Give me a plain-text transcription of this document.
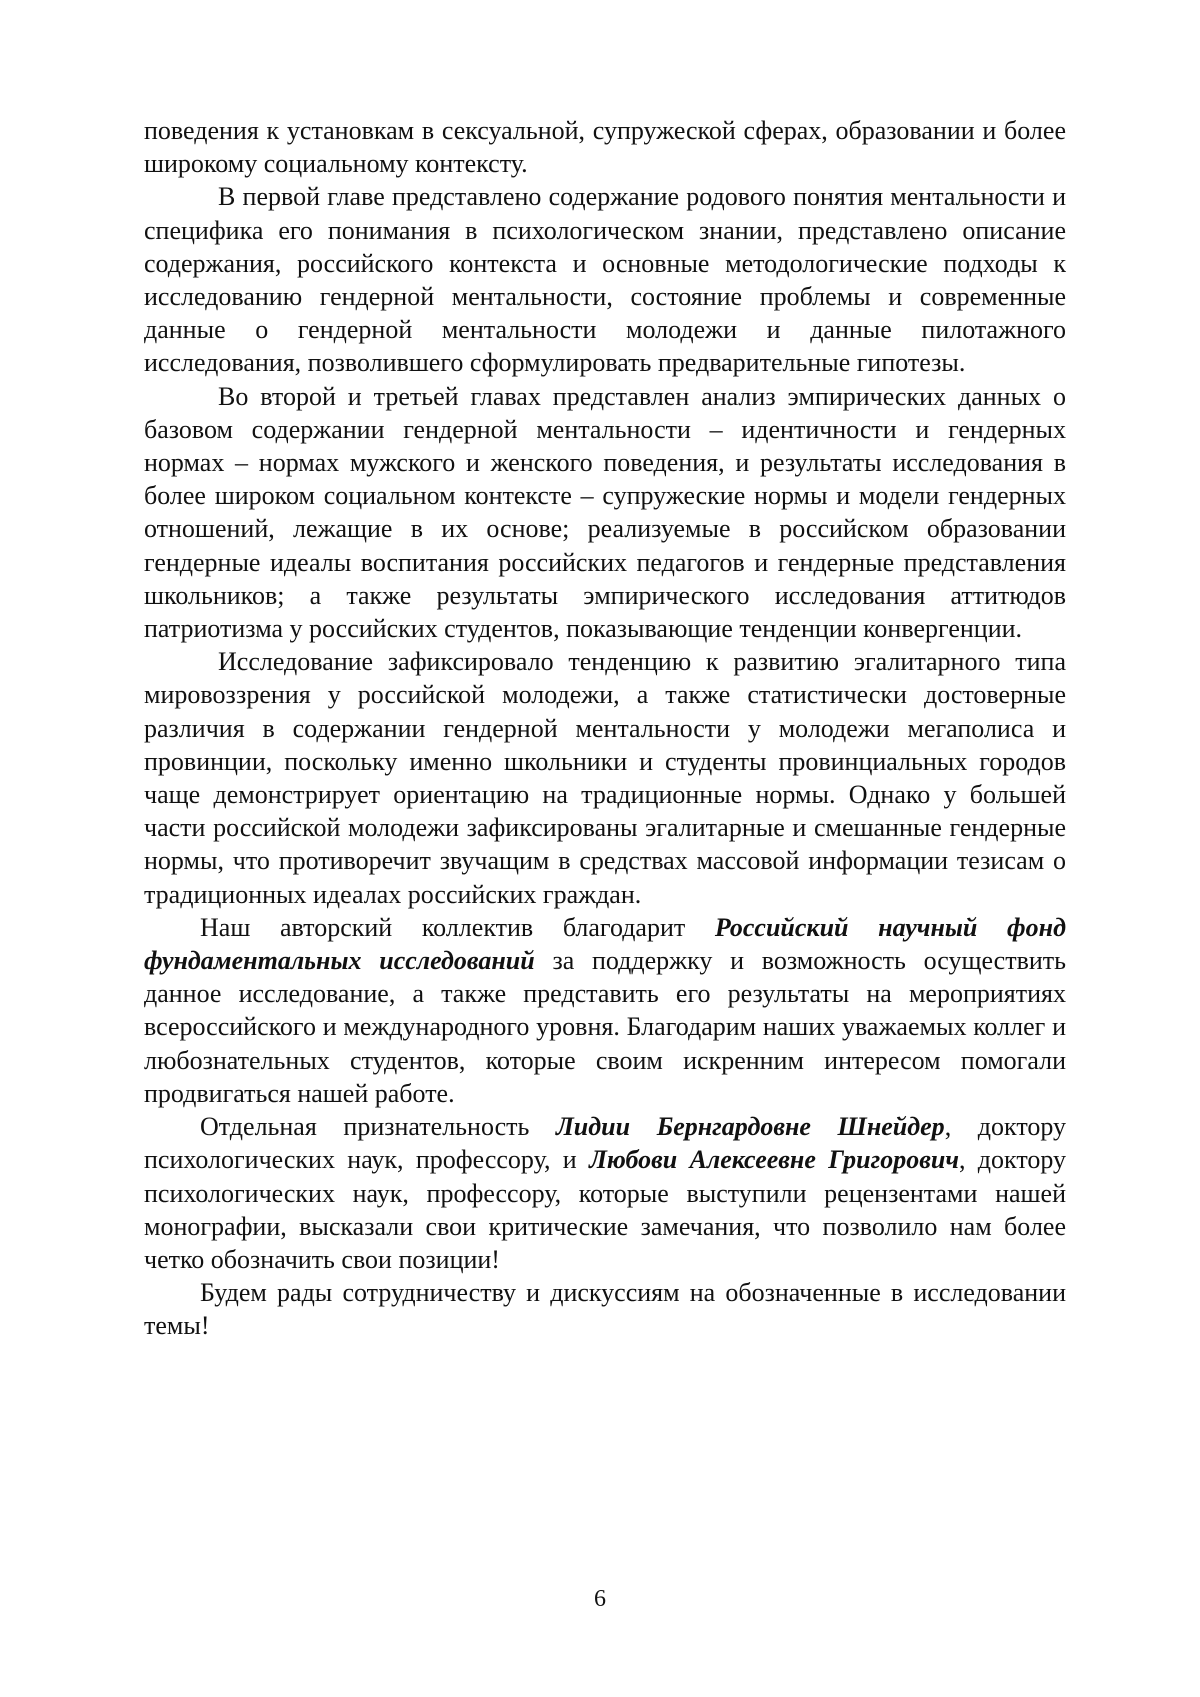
поведения к установкам в сексуальной, супружеской сферах, образовании и более широкому социальному контексту.

В первой главе представлено содержание родового понятия ментальности и специфика его понимания в психологическом знании, представлено описание содержания, российского контекста и основные методологические подходы к исследованию гендерной ментальности, состояние проблемы и современные данные о гендерной ментальности молодежи и данные пилотажного исследования, позволившего сформулировать предварительные гипотезы.

Во второй и третьей главах представлен анализ эмпирических данных о базовом содержании гендерной ментальности – идентичности и гендерных нормах – нормах мужского и женского поведения, и результаты исследования в более широком социальном контексте – супружеские нормы и модели гендерных отношений, лежащие в их основе; реализуемые в российском образовании гендерные идеалы воспитания российских педагогов и гендерные представления школьников; а также результаты эмпирического исследования аттитюдов патриотизма у российских студентов, показывающие тенденции конвергенции.

Исследование зафиксировало тенденцию к развитию эгалитарного типа мировоззрения у российской молодежи, а также статистически достоверные различия в содержании гендерной ментальности у молодежи мегаполиса и провинции, поскольку именно школьники и студенты провинциальных городов чаще демонстрирует ориентацию на традиционные нормы. Однако у большей части российской молодежи зафиксированы эгалитарные и смешанные гендерные нормы, что противоречит звучащим в средствах массовой информации тезисам о традиционных идеалах российских граждан.

Наш авторский коллектив благодарит Российский научный фонд фундаментальных исследований за поддержку и возможность осуществить данное исследование, а также представить его результаты на мероприятиях всероссийского и международного уровня. Благодарим наших уважаемых коллег и любознательных студентов, которые своим искренним интересом помогали продвигаться нашей работе.

Отдельная признательность Лидии Бернгардовне Шнейдер, доктору психологических наук, профессору, и Любови Алексеевне Григорович, доктору психологических наук, профессору, которые выступили рецензентами нашей монографии, высказали свои критические замечания, что позволило нам более четко обозначить свои позиции!

Будем рады сотрудничеству и дискуссиям на обозначенные в исследовании темы!

6
